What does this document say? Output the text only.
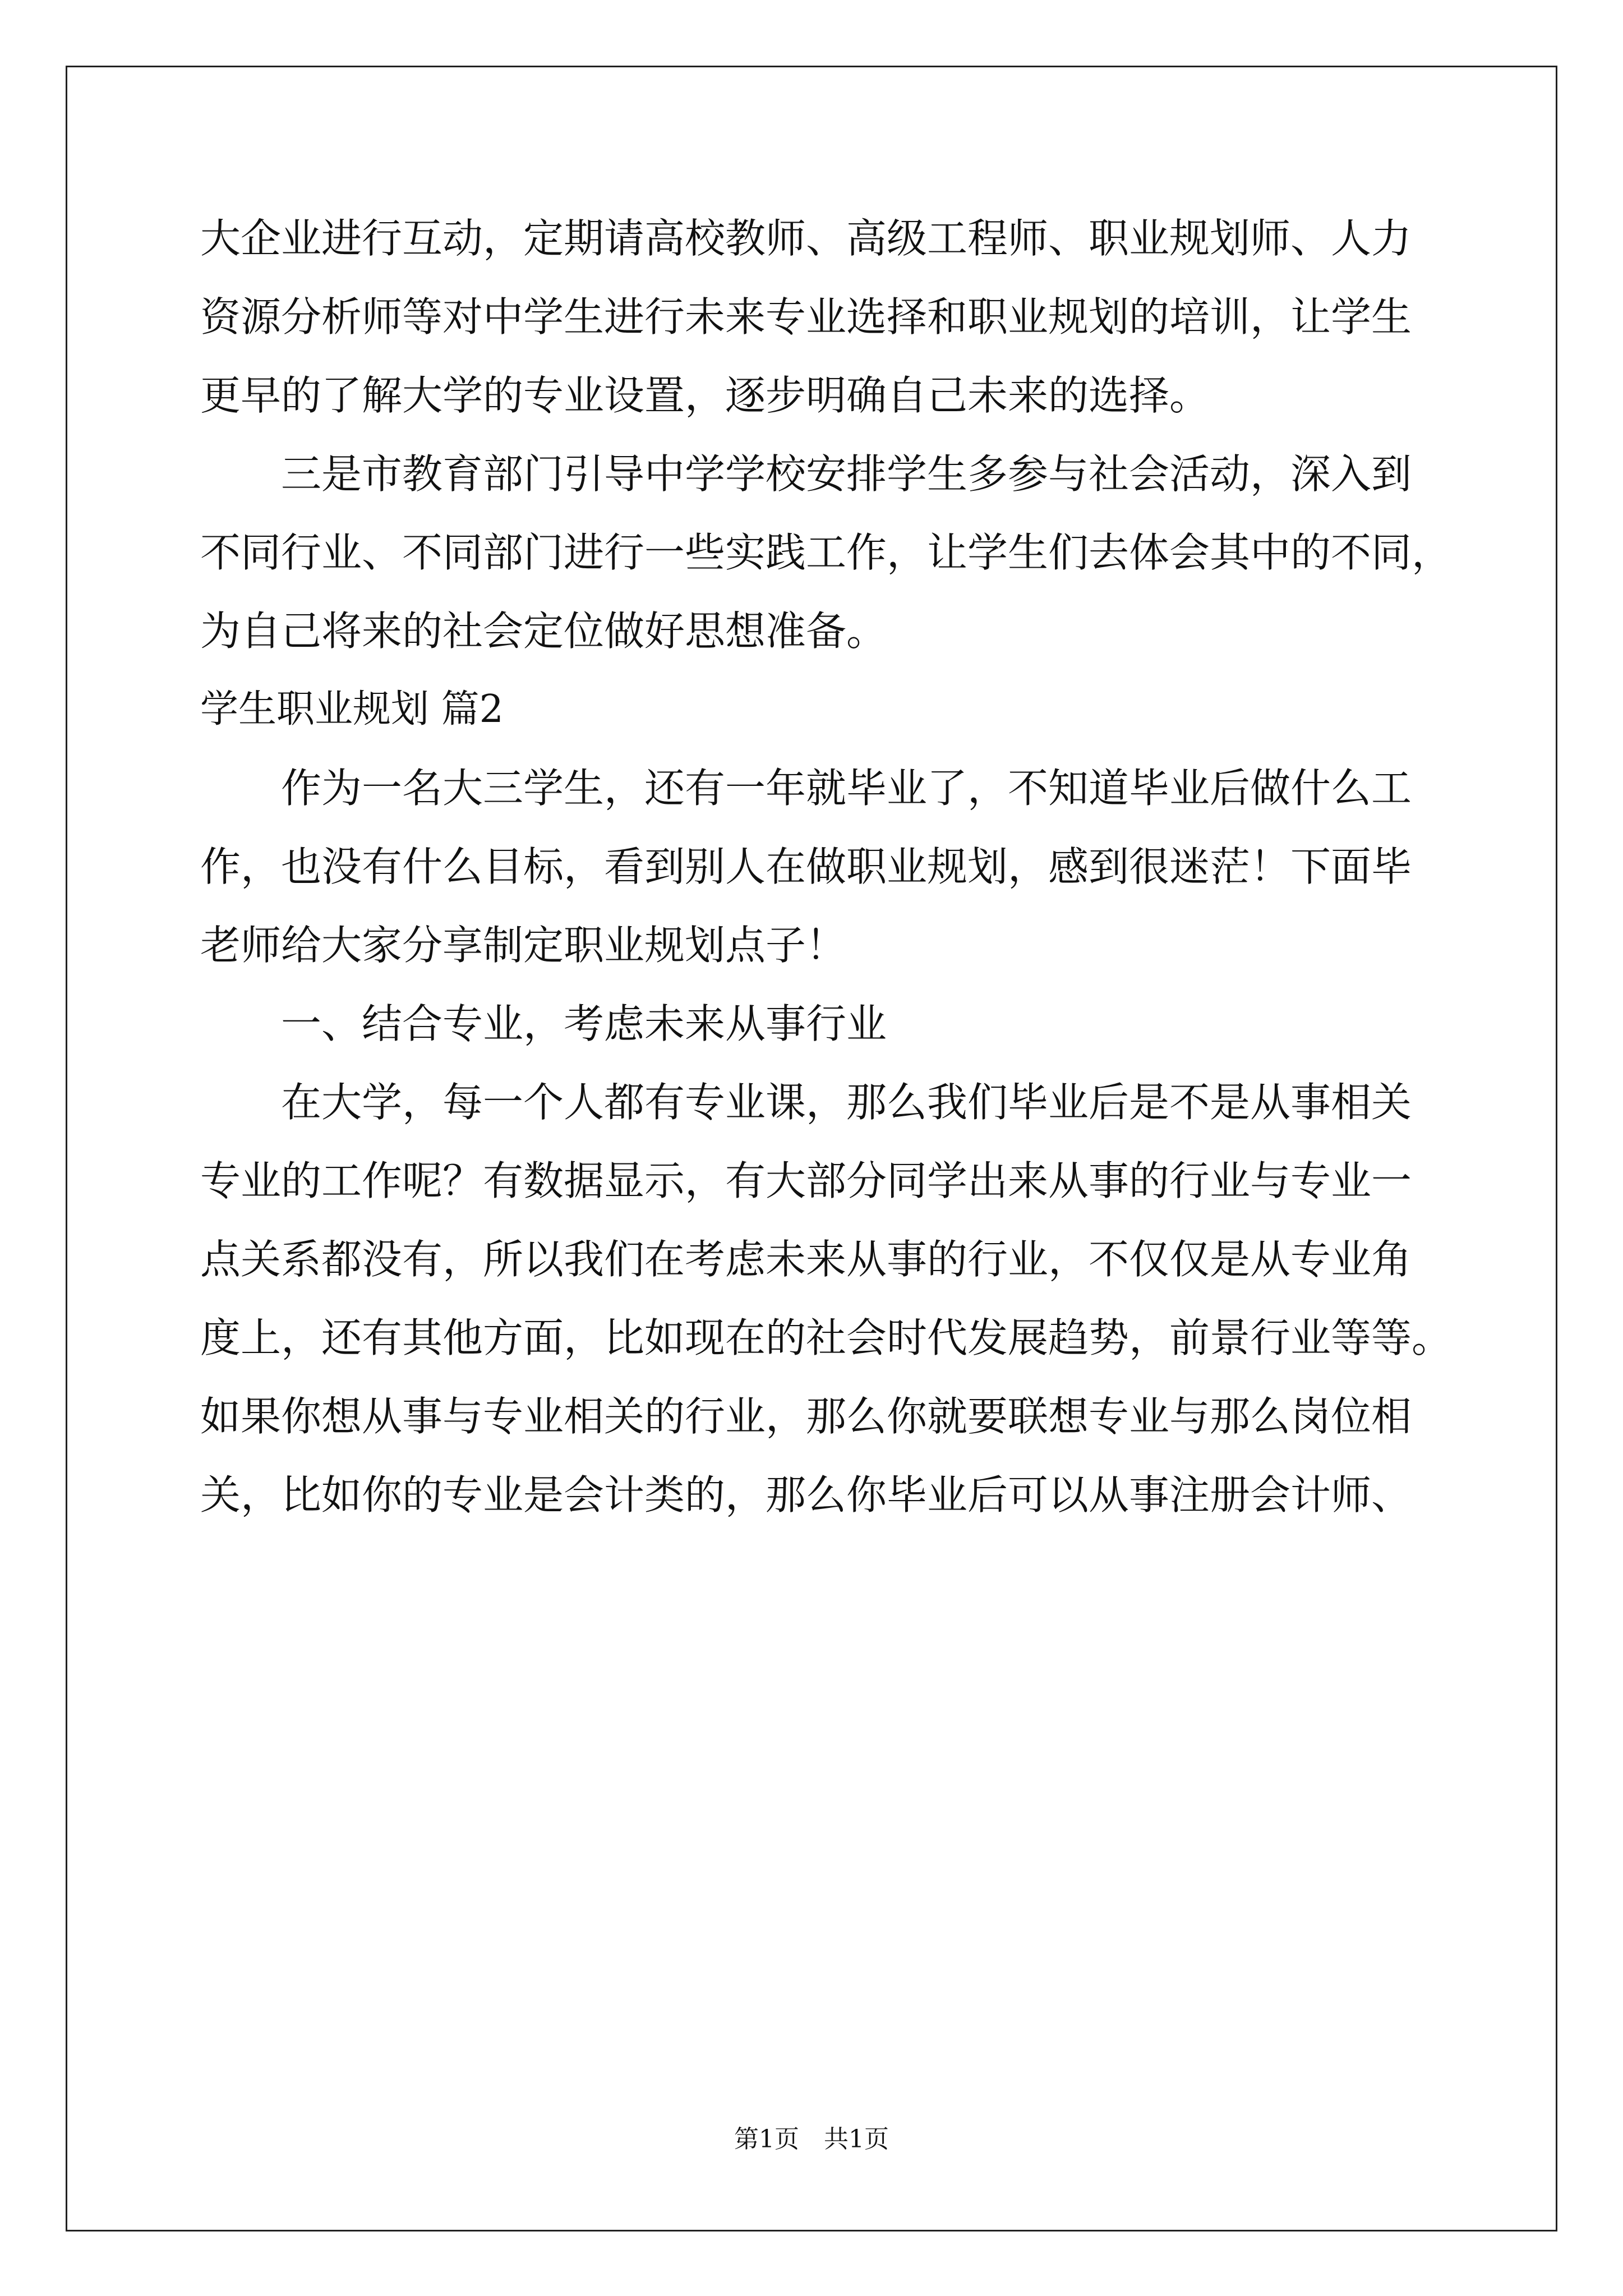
大企业进行互动，定期请高校教师、高级工程师、职业规划师、人力
资源分析师等对中学生进行未来专业选择和职业规划的培训，让学生
更早的了解大学的专业设置，逐步明确自己未来的选择。
三是市教育部门引导中学学校安排学生多参与社会活动，深入到
不同行业、不同部门进行一些实践工作，让学生们去体会其中的不同，
为自己将来的社会定位做好思想准备。
学生职业规划 篇2
作为一名大三学生，还有一年就毕业了，不知道毕业后做什么工
作，也没有什么目标，看到别人在做职业规划，感到很迷茫！下面毕
老师给大家分享制定职业规划点子！
一、结合专业，考虑未来从事行业
在大学，每一个人都有专业课，那么我们毕业后是不是从事相关
专业的工作呢？有数据显示，有大部分同学出来从事的行业与专业一
点关系都没有，所以我们在考虑未来从事的行业，不仅仅是从专业角
度上，还有其他方面，比如现在的社会时代发展趋势，前景行业等等。
如果你想从事与专业相关的行业，那么你就要联想专业与那么岗位相
关，比如你的专业是会计类的，那么你毕业后可以从事注册会计师、
第1页　共1页
